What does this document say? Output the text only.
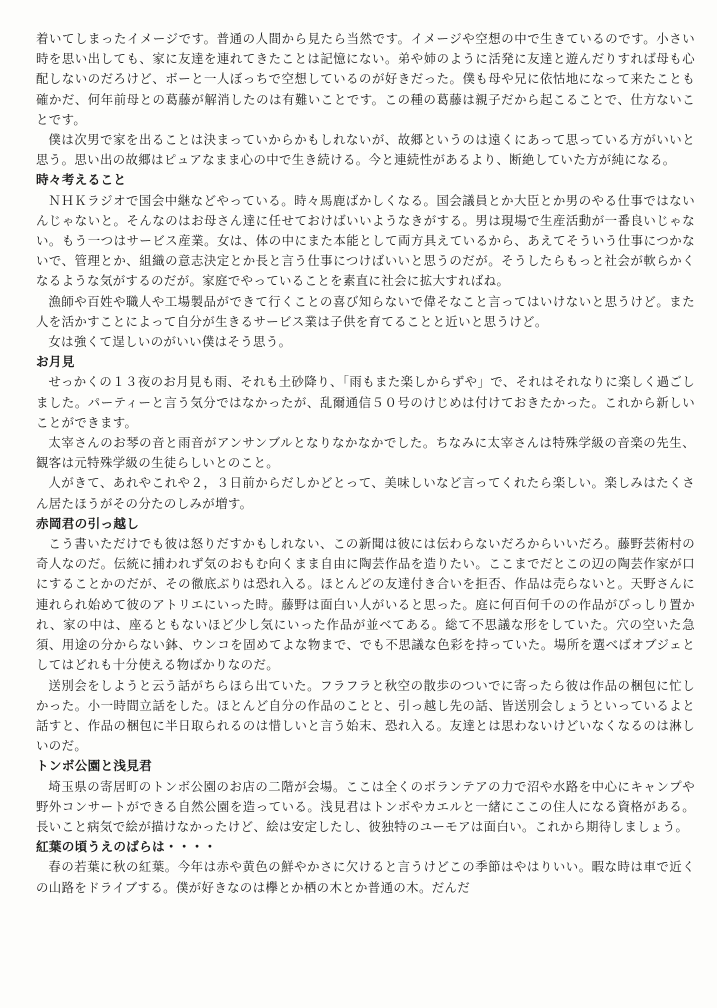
着いてしまったイメージです。普通の人間から見たら当然です。イメージや空想の中で生きているのです。小さい時を思い出しても、家に友達を連れてきたことは記憶にない。弟や姉のように活発に友達と遊んだりすれば母も心配しないのだろけど、ボーと一人ぼっちで空想しているのが好きだった。僕も母や兄に依怙地になって来たことも確かだ、何年前母との葛藤が解消したのは有難いことです。この種の葛藤は親子だから起こることで、仕方ないことです。

僕は次男で家を出ることは決まっていからかもしれないが、故郷というのは遠くにあって思っている方がいいと思う。思い出の故郷はピュアなまま心の中で生き続ける。今と連続性があるより、断絶していた方が純になる。

時々考えること

ＮＨＫラジオで国会中継などやっている。時々馬鹿ばかしくなる。国会議員とか大臣とか男のやる仕事ではないんじゃないと。そんなのはお母さん達に任せておけばいいようなきがする。男は現場で生産活動が一番良いじゃない。もう一つはサービス産業。女は、体の中にまた本能として両方具えているから、あえてそういう仕事につかないで、管理とか、組織の意志決定とか長と言う仕事につけばいいと思うのだが。そうしたらもっと社会が軟らかくなるような気がするのだが。家庭でやっていることを素直に社会に拡大すればね。

漁師や百姓や職人や工場製品ができて行くことの喜び知らないで偉そなこと言ってはいけないと思うけど。また人を活かすことによって自分が生きるサービス業は子供を育てることと近いと思うけど。

女は強くて逞しいのがいい僕はそう思う。

お月見

せっかくの１３夜のお月見も雨、それも土砂降り、「雨もまた楽しからずや」で、それはそれなりに楽しく過ごしました。パーティーと言う気分ではなかったが、乱爾通信５０号のけじめは付けておきたかった。これから新しいことができます。

太宰さんのお琴の音と雨音がアンサンブルとなりなかなかでした。ちなみに太宰さんは特殊学級の音楽の先生、観客は元特殊学級の生徒らしいとのこと。

人がきて、あれやこれや２，３日前からだしかどとって、美味しいなど言ってくれたら楽しい。楽しみはたくさん居たほうがその分たのしみが増す。

赤岡君の引っ越し

こう書いただけでも彼は怒りだすかもしれない、この新聞は彼には伝わらないだろからいいだろ。藤野芸術村の奇人なのだ。伝統に捕われず気のおもむ向くまま自由に陶芸作品を造りたい。ここまでだとこの辺の陶芸作家が口にすることかのだが、その徹底ぶりは恐れ入る。ほとんどの友達付き合いを拒否、作品は売らないと。天野さんに連れられ始めて彼のアトリエにいった時。藤野は面白い人がいると思った。庭に何百何千のの作品がびっしり置かれ、家の中は、座るともないほど少し気にいった作品が並べてある。総て不思議な形をしていた。穴の空いた急須、用途の分からない鉢、ウンコを固めてよな物まで、でも不思議な色彩を持っていた。場所を選べばオブジェとしてはどれも十分使える物ばかりなのだ。

送別会をしようと云う話がちらほら出ていた。フラフラと秋空の散歩のついでに寄ったら彼は作品の梱包に忙しかった。小一時間立話をした。ほとんど自分の作品のことと、引っ越し先の話、皆送別会しょうといっているよと話すと、作品の梱包に半日取られるのは惜しいと言う始末、恐れ入る。友達とは思わないけどいなくなるのは淋しいのだ。

トンボ公園と浅見君

埼玉県の寄居町のトンボ公園のお店の二階が会場。ここは全くのボランテアの力で沼や水路を中心にキャンプや野外コンサートができる自然公園を造っている。浅見君はトンボやカエルと一緒にここの住人になる資格がある。長いこと病気で絵が描けなかったけど、絵は安定したし、彼独特のユーモアは面白い。これから期待しましょう。

紅葉の頃うえのばらは・・・・

春の若葉に秋の紅葉。今年は赤や黄色の鮮やかさに欠けると言うけどこの季節はやはりいい。暇な時は車で近くの山路をドライブする。僕が好きなのは欅とか栖の木とか普通の木。だんだ
